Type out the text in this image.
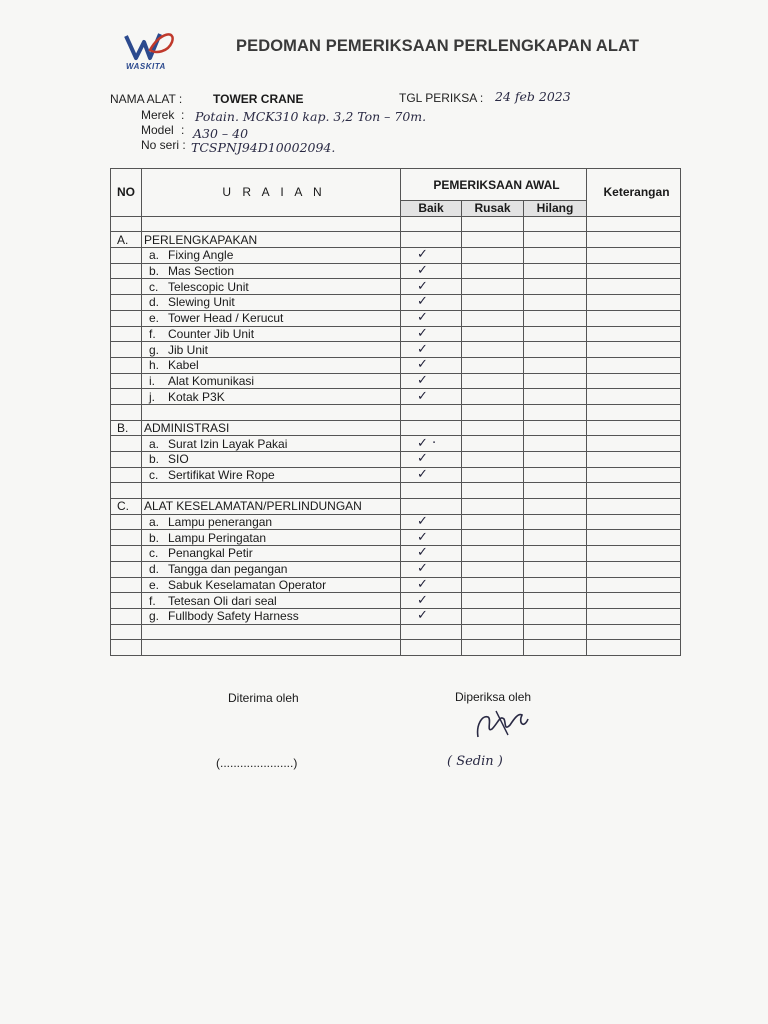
WASKITA
PEDOMAN PEMERIKSAAN PERLENGKAPAN ALAT
NAMA ALAT :	TOWER CRANE	TGL PERIKSA : 24 feb 2023
Merek : Potain. MCK310 kap. 3,2 Ton – 70m.
Model : A30 – 40
No seri : TCSPNJ94D10002094.
NO	U R A I A N	PEMERIKSAAN AWAL			Keterangan
		Baik	Rusak	Hilang	

A.	PERLENGKAPAKAN				
	a. Fixing Angle	✓			
	b. Mas Section	✓			
	c. Telescopic Unit	✓			
	d. Slewing Unit	✓			
	e. Tower Head / Kerucut	✓			
	f. Counter Jib Unit	✓			
	g. Jib Unit	✓			
	h. Kabel	✓			
	i. Alat Komunikasi	✓			
	j. Kotak P3K	✓			

B.	ADMINISTRASI				
	a. Surat Izin Layak Pakai	✓ ·			
	b. SIO	✓			
	c. Sertifikat Wire Rope	✓			

C.	ALAT KESELAMATAN/PERLINDUNGAN				
	a. Lampu penerangan	✓			
	b. Lampu Peringatan	✓			
	c. Penangkal Petir	✓			
	d. Tangga dan pegangan	✓			
	e. Sabuk Keselamatan Operator	✓			
	f. Tetesan Oli dari seal	✓			
	g. Fullbody Safety Harness	✓			

Diterima oleh
(......................)
Diperiksa oleh
( Sedin )
